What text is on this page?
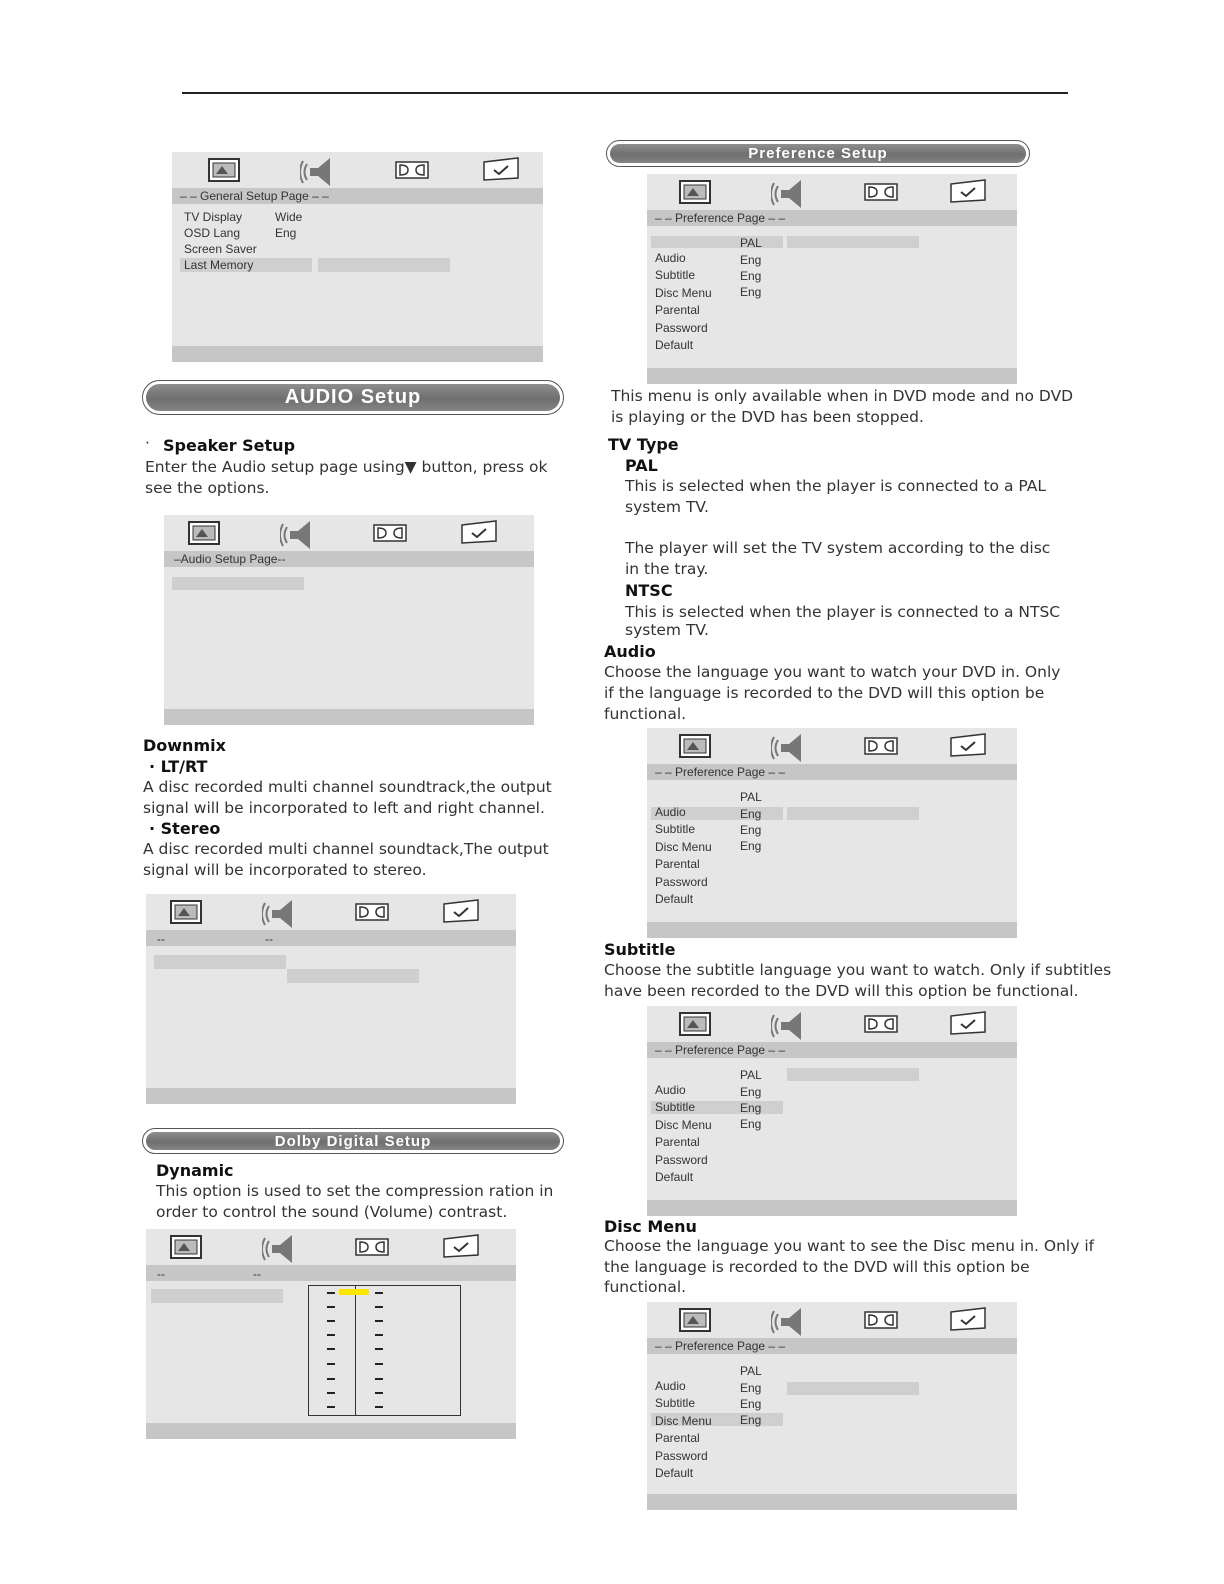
– – General Setup Page – –
TV Display	Wide
OSD Lang	Eng
Screen Saver
Last Memory
AUDIO Setup
· Speaker Setup
Enter the Audio setup page using▼ button, press ok
see the options.
–Audio Setup Page--
Downmix
· LT/RT
A disc recorded multi channel soundtrack,the output
signal will be incorporated to left and right channel.
· Stereo
A disc recorded multi channel soundtack,The output
signal will be incorporated to stereo.
--	--
Dolby Digital Setup
Dynamic
This option is used to set the compression ration in
order to control the sound (Volume) contrast.
--	--
Preference Setup
– – Preference Page – –
PAL
Audio	Eng
Subtitle	Eng
Disc Menu Eng
Parental
Password
Default
This menu is only available when in DVD mode and no DVD
is playing or the DVD has been stopped.
TV Type
PAL
This is selected when the player is connected to a PAL
system TV.
The player will set the TV system according to the disc
in the tray.
NTSC
This is selected when the player is connected to a NTSC
system TV.
Audio
Choose the language you want to watch your DVD in. Only
if the language is recorded to the DVD will this option be
functional.
– – Preference Page – –
PAL
Audio	Eng
Subtitle	Eng
Disc Menu Eng
Parental
Password
Default
Subtitle
Choose the subtitle language you want to watch. Only if subtitles
have been recorded to the DVD will this option be functional.
– – Preference Page – –
PAL
Audio	Eng
Subtitle	Eng
Disc Menu Eng
Parental
Password
Default
Disc Menu
Choose the language you want to see the Disc menu in. Only if
the language is recorded to the DVD will this option be
functional.
– – Preference Page – –
PAL
Audio	Eng
Subtitle	Eng
Disc Menu Eng
Parental
Password
Default
